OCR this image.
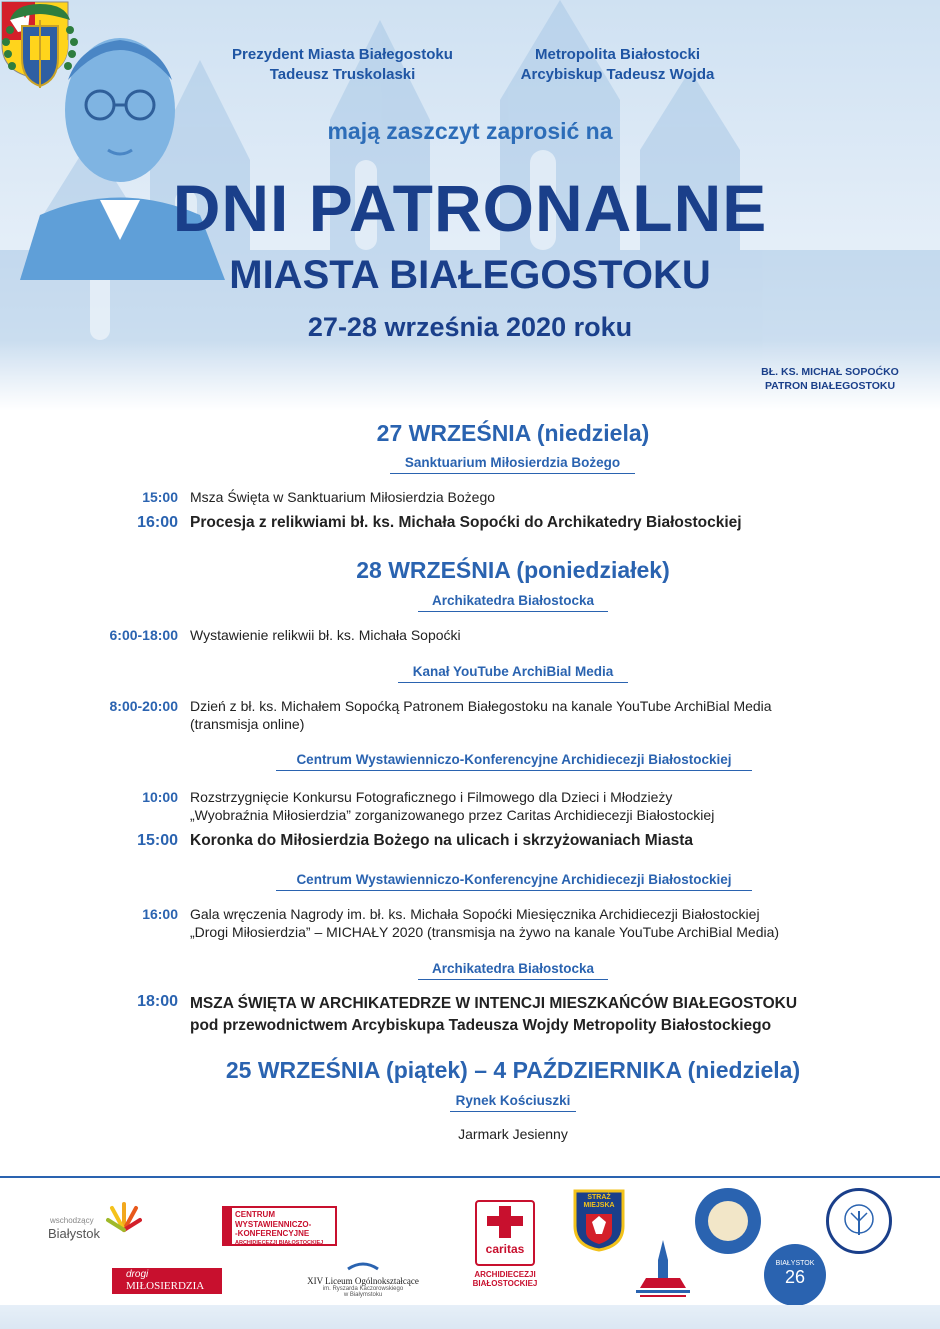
Prezydent Miasta Białegostoku
Tadeusz Truskolaski
Metropolita Białostocki
Arcybiskup Tadeusz Wojda
mają zaszczyt zaprosić na
DNI PATRONALNE
MIASTA BIAŁEGOSTOKU
27-28 września 2020 roku
BŁ. KS. MICHAŁ SOPOĆKO
PATRON BIAŁEGOSTOKU
27 WRZEŚNIA (niedziela)
Sanktuarium Miłosierdzia Bożego
15:00 Msza Święta w Sanktuarium Miłosierdzia Bożego
16:00 Procesja z relikwiami bł. ks. Michała Sopoćki do Archikatedry Białostockiej
28 WRZEŚNIA (poniedziałek)
Archikatedra Białostocka
6:00-18:00 Wystawienie relikwii bł. ks. Michała Sopoćki
Kanał YouTube ArchiBial Media
8:00-20:00 Dzień z bł. ks. Michałem Sopoćką Patronem Białegostoku na kanale YouTube ArchiBial Media
(transmisja online)
Centrum Wystawienniczo-Konferencyjne Archidiecezji Białostockiej
10:00 Rozstrzygnięcie Konkursu Fotograficznego i Filmowego dla Dzieci i Młodzieży
„Wyobraźnia Miłosierdzia” zorganizowanego przez Caritas Archidiecezji Białostockiej
15:00 Koronka do Miłosierdzia Bożego na ulicach i skrzyżowaniach Miasta
Centrum Wystawienniczo-Konferencyjne Archidiecezji Białostockiej
16:00 Gala wręczenia Nagrody im. bł. ks. Michała Sopoćki Miesięcznika Archidiecezji Białostockiej
„Drogi Miłosierdzia” – MICHAŁY 2020 (transmisja na żywo na kanale YouTube ArchiBial Media)
Archikatedra Białostocka
18:00 MSZA ŚWIĘTA W ARCHIKATEDRZE W INTENCJI MIESZKAŃCÓW BIAŁEGOSTOKU
pod przewodnictwem Arcybiskupa Tadeusza Wojdy Metropolity Białostockiego
25 WRZEŚNIA (piątek) – 4 PAŹDZIERNIKA (niedziela)
Rynek Kościuszki
Jarmark Jesienny
wschodzący
Białystok
CENTRUM
WYSTAWIENNICZO-
-KONFERENCYJNE
ARCHIDIECEZJI BIAŁOSTOCKIEJ
drogi
MIŁOSIERDZIA	XIV Liceum Ogólnokształcące
im. Ryszarda Kaczorowskiego
w Białymstoku
caritas
ARCHIDIECEZJI
BIAŁOSTOCKIEJ
STRAŻ
MIEJSKA
BIAŁYSTOK
26
